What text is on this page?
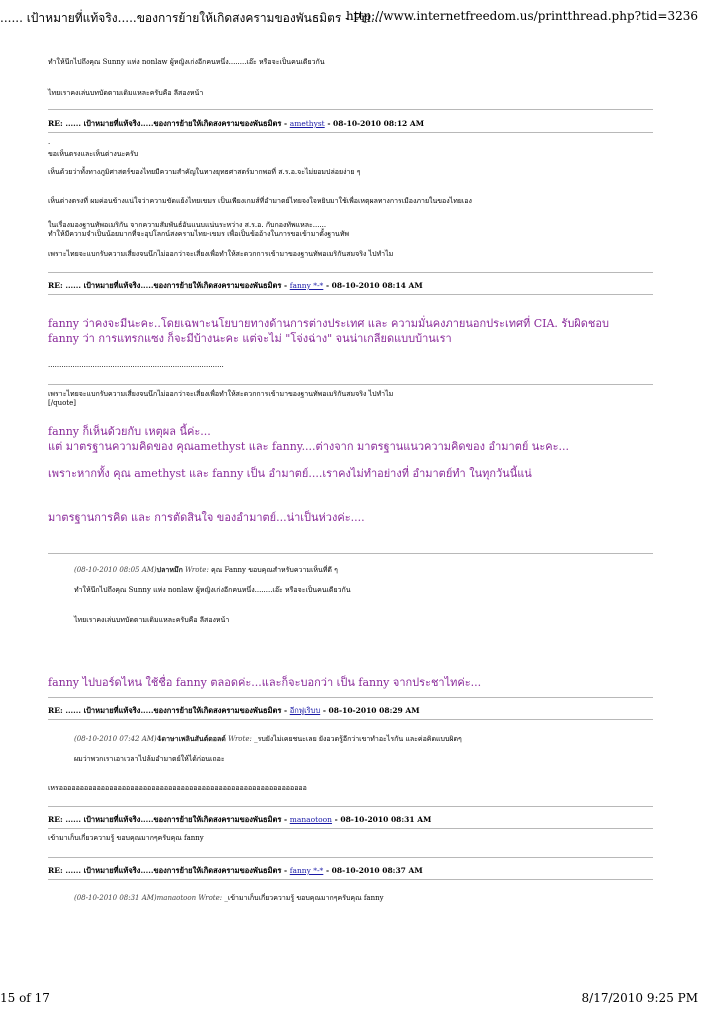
...... เป้าหมายที่แท้จริง.....ของการย้ายให้เกิดสงครามของพันธมิตร - Pri...
http://www.internetfreedom.us/printthread.php?tid=3236
ทำให้นึกไปถึงคุณ Sunny แห่ง nonlaw ผู้หญิงเก่งอีกคนหนึ่ง........เอ๊ะ หรือจะเป็นคนเดียวกัน
ไทยเราคงเล่นบทบัดตามเดิมแหละครับคือ ลีสองหน้า
RE: ...... เป้าหมายที่แท้จริง.....ของการย้ายให้เกิดสงครามของพันธมิตร - amethyst - 08-10-2010 08:12 AM
.
ขอเห็นตรงและเห็นต่างนะครับ
เห็นด้วยว่าทั้งทางภูมิศาสตร์ของไทยมีความสำคัญในทางยุทธศาสตร์มากพอที่ ส.ร.อ.จะไม่ยอมปล่อยง่าย ๆ
เห็นต่างตรงที่ ผมค่อนข้างแน่ใจว่าความขัดแย้งไทยเขมร เป็นเพียงเกมส์ที่อำมาตย์ไทยจงใจหยิบมาใช้เพื่อเหตุผลทางการเมืองภายในของไทยเอง
ในเรื่องมองฐานทัพอเมริกัน จากความสัมพันธ์อันแนบแน่นระหว่าง ส.ร.อ. กับกองทัพแหละ......
ทำให้มีความจำเป็นน้อยมากที่จะอุปโลกน์สงครามไทย-เขมร เพื่อเป็นข้ออ้างในการขอเข้ามาตั้งฐานทัพ
เพราะไทยจะแบกรับความเสี่ยงจนนึกไม่ออกว่าจะเสี่ยงเพื่อทำให้สะดวกการเข้ามาของฐานทัพอเมริกันสมจริง ไปทำไม
RE: ...... เป้าหมายที่แท้จริง.....ของการย้ายให้เกิดสงครามของพันธมิตร - fanny *-* - 08-10-2010 08:14 AM
fanny ว่าคงจะมีนะคะ..โดยเฉพาะนโยบายทางด้านการต่างประเทศ และ ความมั่นคงภายนอกประเทศที่ CIA. รับผิดชอบ
fanny ว่า การแทรกแซง ก็จะมีบ้างนะคะ แต่จะไม่ "โจ่งฉ่าง" จนน่าเกลียดแบบบ้านเรา
...............................................................................
เพราะไทยจะแบกรับความเสี่ยงจนนึกไม่ออกว่าจะเสี่ยงเพื่อทำให้สะดวกการเข้ามาของฐานทัพอเมริกันสมจริง ไปทำไม
[/quote]
fanny ก็เห็นด้วยกับ เหตุผล นี้ค่ะ...
แต่ มาตรฐานความคิดของ คุณamethyst และ fanny....ต่างจาก มาตรฐานแนวความคิดของ อำมาตย์ นะคะ...
เพราะหากทั้ง คุณ amethyst และ fanny เป็น อำมาตย์....เราคงไม่ทำอย่างที่ อำมาตย์ทำ ในทุกวันนี้แน่
มาตรฐานการคิด และ การตัดสินใจ ของอำมาตย์...น่าเป็นห่วงค่ะ....
(08-10-2010 08:05 AM)ปลาหมึก Wrote: คุณ Fanny ขอบคุณสำหรับความเห็นที่ดี ๆ
ทำให้นึกไปถึงคุณ Sunny แห่ง nonlaw ผู้หญิงเก่งอีกคนหนึ่ง........เอ๊ะ หรือจะเป็นคนเดียวกัน
ไทยเราคงเล่นบทบัดตามเดิมแหละครับคือ ลีสองหน้า
fanny ไปบอร์ดไหน ใช้ชื่อ fanny ตลอดค่ะ...และก็จะบอกว่า เป็น fanny จากประชาไทค่ะ...
RE: ...... เป้าหมายที่แท้จริง.....ของการย้ายให้เกิดสงครามของพันธมิตร - อีกฟูเริบบ - 08-10-2010 08:29 AM
(08-10-2010 07:42 AM)4ดาษาเพลินสันต์ดอลด์ Wrote: _รบยังไม่เคยชนะเลย ยังอวดรู้อีกว่าเขาทำอะไรกัน และค่อคิดแบบผิดๆ
ผมว่าพวกเราเอาเวลาไปล้มอำมาตย์ให้ได้ก่อนเถอะ
เหรอออออออออออออออออออออออออออออออออออออออออออออออออออออออออออ
RE: ...... เป้าหมายที่แท้จริง.....ของการย้ายให้เกิดสงครามของพันธมิตร - manaotoon - 08-10-2010 08:31 AM
เข้ามาเก็บเกี่ยวความรู้ ขอบคุณมากๆครับคุณ fanny
RE: ...... เป้าหมายที่แท้จริง.....ของการย้ายให้เกิดสงครามของพันธมิตร - fanny *-* - 08-10-2010 08:37 AM
(08-10-2010 08:31 AM)manaotoon Wrote: _เข้ามาเก็บเกี่ยวความรู้ ขอบคุณมากๆครับคุณ fanny
15 of 17	8/17/2010 9:25 PM
